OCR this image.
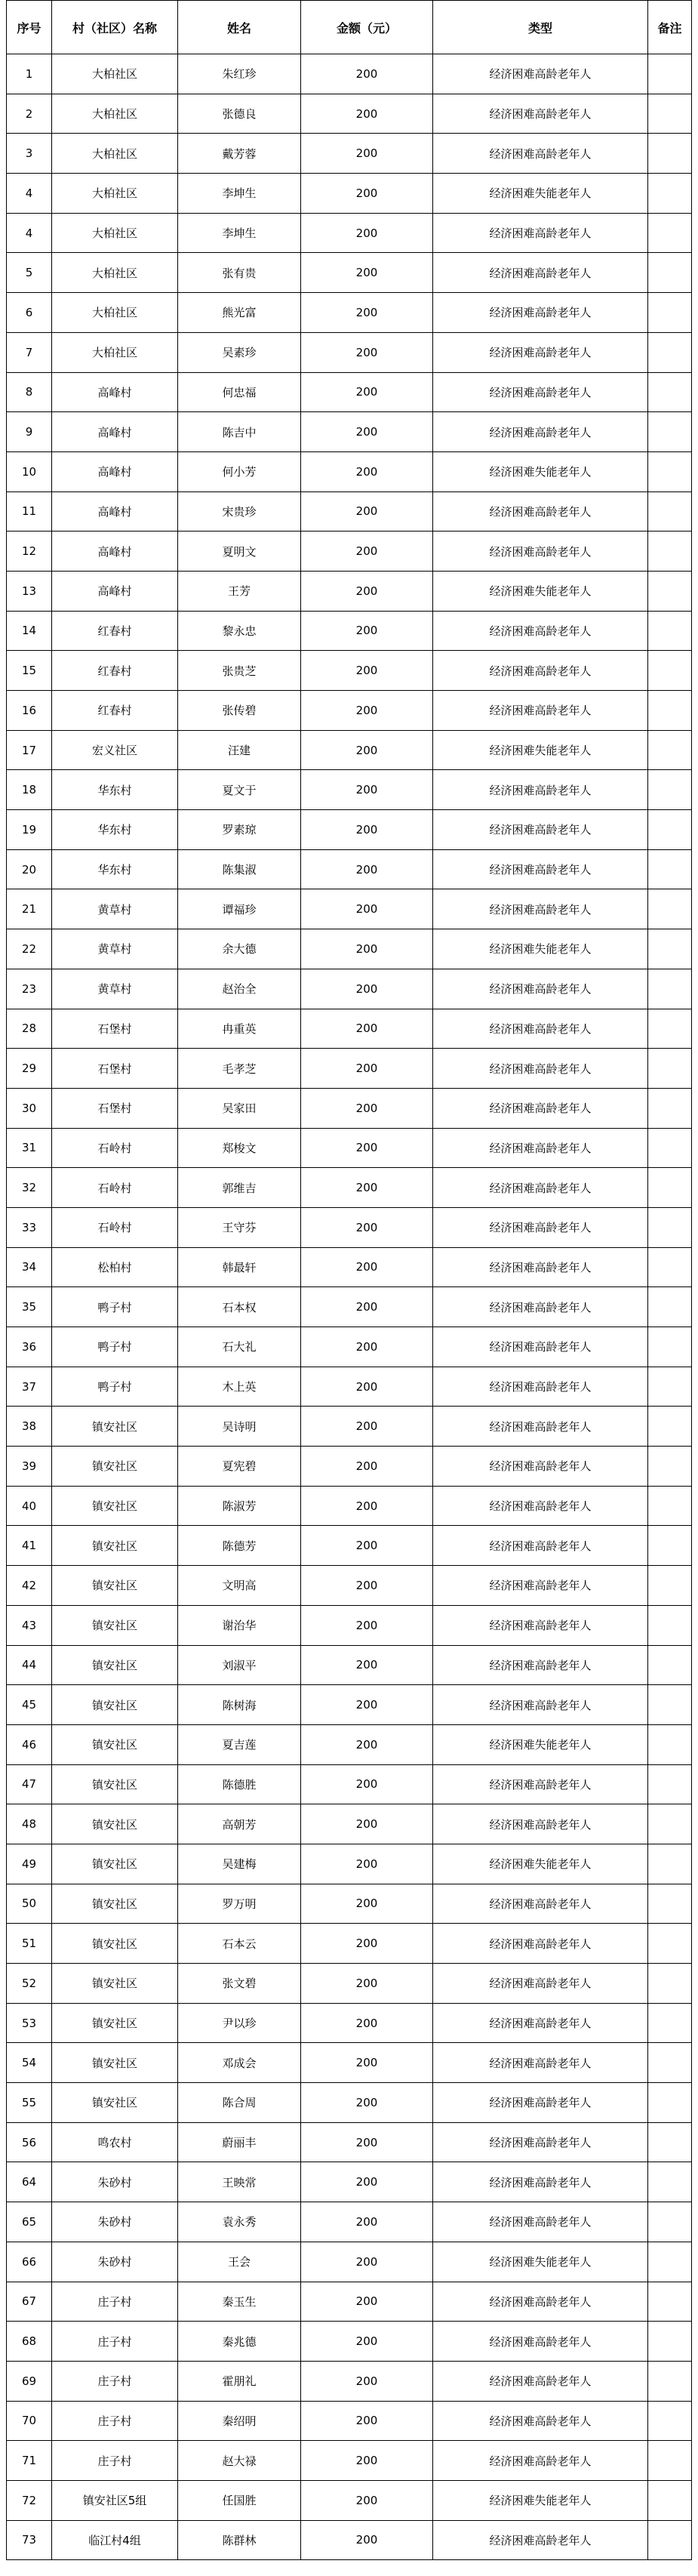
序号	村（社区）名称	姓名	金额（元）	类型	备注
1	大柏社区	朱红珍	200	经济困难高龄老年人	
2	大柏社区	张德良	200	经济困难高龄老年人	
3	大柏社区	戴芳蓉	200	经济困难高龄老年人	
4	大柏社区	李坤生	200	经济困难失能老年人	
4	大柏社区	李坤生	200	经济困难高龄老年人	
5	大柏社区	张有贵	200	经济困难高龄老年人	
6	大柏社区	熊光富	200	经济困难高龄老年人	
7	大柏社区	吴素珍	200	经济困难高龄老年人	
8	高峰村	何忠福	200	经济困难高龄老年人	
9	高峰村	陈吉中	200	经济困难高龄老年人	
10	高峰村	何小芳	200	经济困难失能老年人	
11	高峰村	宋贵珍	200	经济困难高龄老年人	
12	高峰村	夏明文	200	经济困难高龄老年人	
13	高峰村	王芳	200	经济困难失能老年人	
14	红春村	黎永忠	200	经济困难高龄老年人	
15	红春村	张贵芝	200	经济困难高龄老年人	
16	红春村	张传碧	200	经济困难高龄老年人	
17	宏义社区	汪建	200	经济困难失能老年人	
18	华东村	夏文于	200	经济困难高龄老年人	
19	华东村	罗素琼	200	经济困难高龄老年人	
20	华东村	陈集淑	200	经济困难高龄老年人	
21	黄草村	谭福珍	200	经济困难高龄老年人	
22	黄草村	余大德	200	经济困难失能老年人	
23	黄草村	赵治全	200	经济困难高龄老年人	
28	石堡村	冉重英	200	经济困难高龄老年人	
29	石堡村	毛孝芝	200	经济困难高龄老年人	
30	石堡村	吴家田	200	经济困难高龄老年人	
31	石岭村	郑梭文	200	经济困难高龄老年人	
32	石岭村	郭维吉	200	经济困难高龄老年人	
33	石岭村	王守芬	200	经济困难高龄老年人	
34	松柏村	韩最轩	200	经济困难高龄老年人	
35	鸭子村	石本权	200	经济困难高龄老年人	
36	鸭子村	石大礼	200	经济困难高龄老年人	
37	鸭子村	木上英	200	经济困难高龄老年人	
38	镇安社区	吴诗明	200	经济困难高龄老年人	
39	镇安社区	夏宪碧	200	经济困难高龄老年人	
40	镇安社区	陈淑芳	200	经济困难高龄老年人	
41	镇安社区	陈德芳	200	经济困难高龄老年人	
42	镇安社区	文明高	200	经济困难高龄老年人	
43	镇安社区	谢治华	200	经济困难高龄老年人	
44	镇安社区	刘淑平	200	经济困难高龄老年人	
45	镇安社区	陈树海	200	经济困难高龄老年人	
46	镇安社区	夏吉莲	200	经济困难失能老年人	
47	镇安社区	陈德胜	200	经济困难高龄老年人	
48	镇安社区	高朝芳	200	经济困难高龄老年人	
49	镇安社区	吴建梅	200	经济困难失能老年人	
50	镇安社区	罗万明	200	经济困难高龄老年人	
51	镇安社区	石本云	200	经济困难高龄老年人	
52	镇安社区	张文碧	200	经济困难高龄老年人	
53	镇安社区	尹以珍	200	经济困难高龄老年人	
54	镇安社区	邓成会	200	经济困难高龄老年人	
55	镇安社区	陈合周	200	经济困难高龄老年人	
56	鸣农村	蔚丽丰	200	经济困难高龄老年人	
64	朱砂村	王映常	200	经济困难高龄老年人	
65	朱砂村	袁永秀	200	经济困难高龄老年人	
66	朱砂村	王会	200	经济困难失能老年人	
67	庄子村	秦玉生	200	经济困难高龄老年人	
68	庄子村	秦兆德	200	经济困难高龄老年人	
69	庄子村	霍朋礼	200	经济困难高龄老年人	
70	庄子村	秦绍明	200	经济困难高龄老年人	
71	庄子村	赵大禄	200	经济困难高龄老年人	
72	镇安社区5组	任国胜	200	经济困难失能老年人	
73	临江村4组	陈群林	200	经济困难高龄老年人	
